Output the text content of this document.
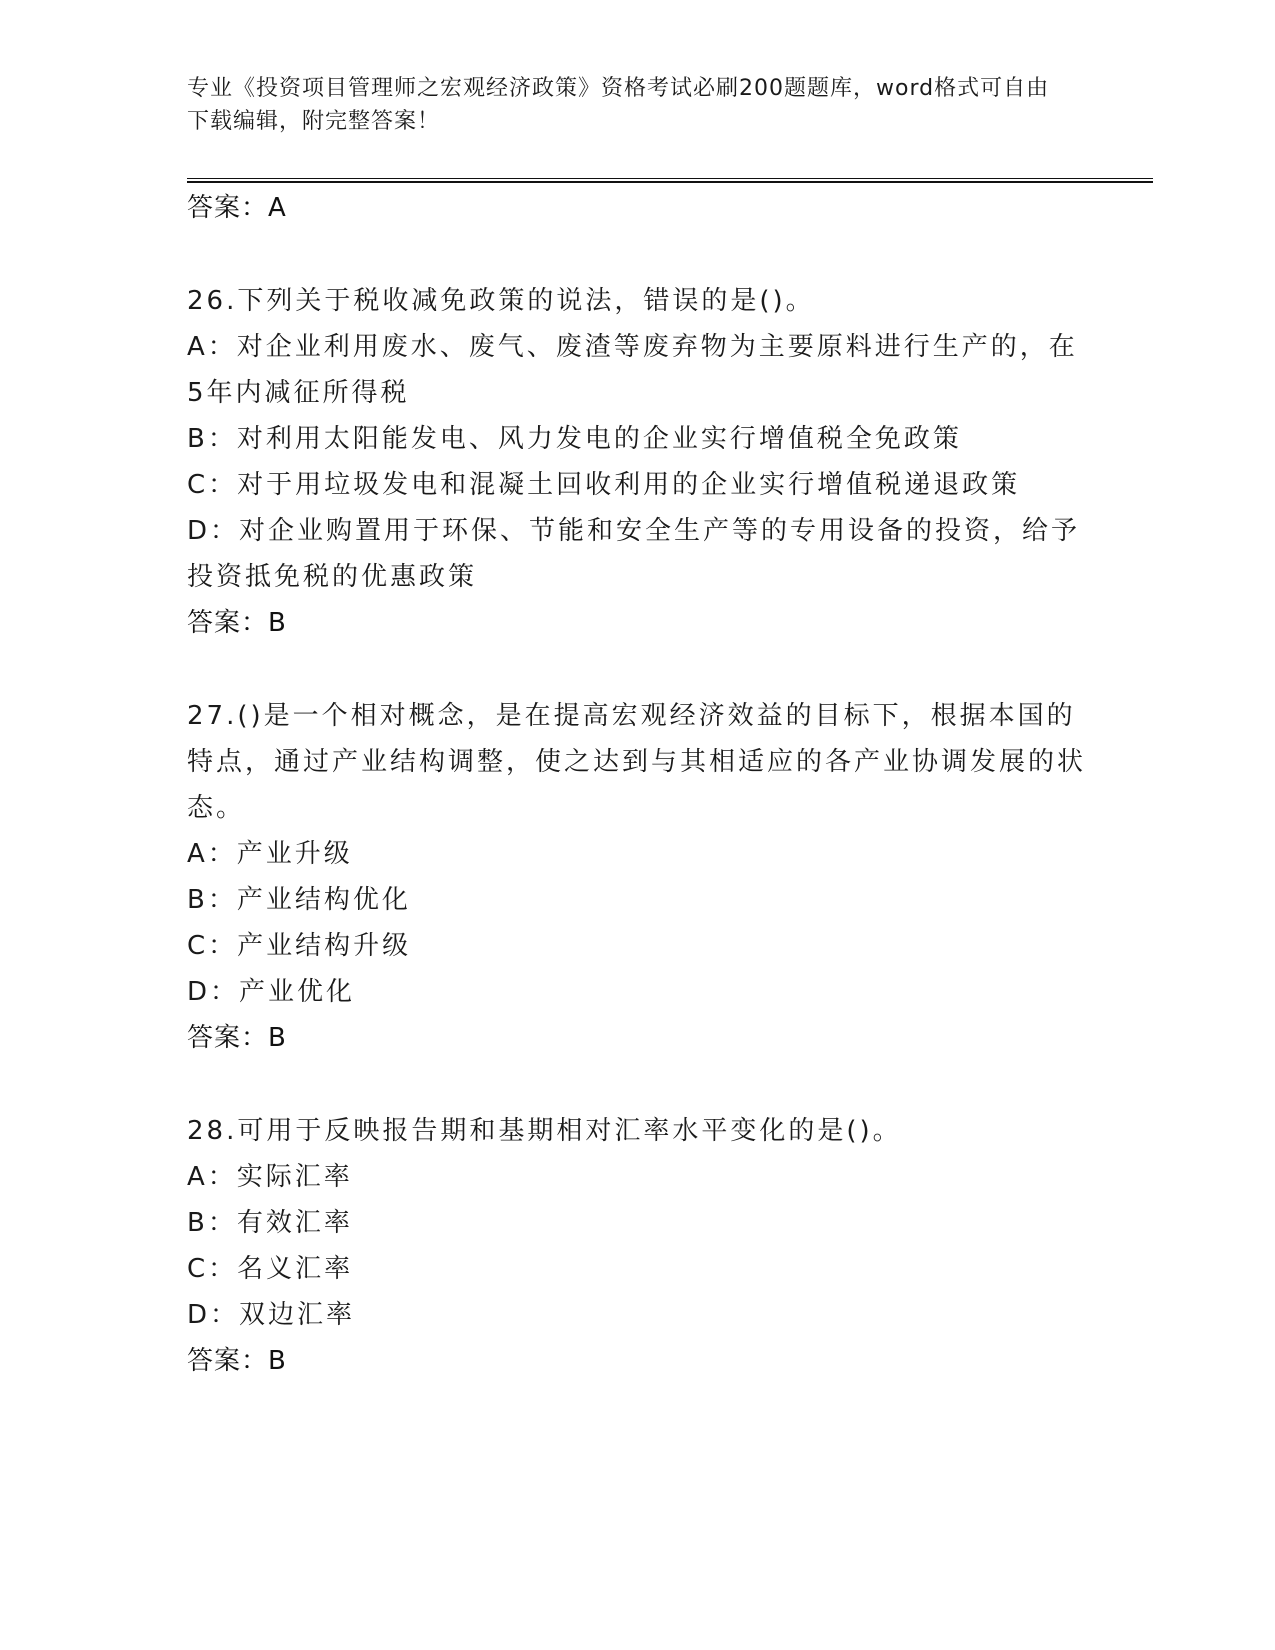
专业《投资项目管理师之宏观经济政策》资格考试必刷200题题库，word格式可自由下载编辑，附完整答案！
答案：A
26.下列关于税收减免政策的说法，错误的是()。
A：对企业利用废水、废气、废渣等废弃物为主要原料进行生产的，在5年内减征所得税
B：对利用太阳能发电、风力发电的企业实行增值税全免政策
C：对于用垃圾发电和混凝土回收利用的企业实行增值税递退政策
D：对企业购置用于环保、节能和安全生产等的专用设备的投资，给予投资抵免税的优惠政策
答案：B
27.()是一个相对概念，是在提高宏观经济效益的目标下，根据本国的特点，通过产业结构调整，使之达到与其相适应的各产业协调发展的状态。
A：产业升级
B：产业结构优化
C：产业结构升级
D：产业优化
答案：B
28.可用于反映报告期和基期相对汇率水平变化的是()。
A：实际汇率
B：有效汇率
C：名义汇率
D：双边汇率
答案：B
